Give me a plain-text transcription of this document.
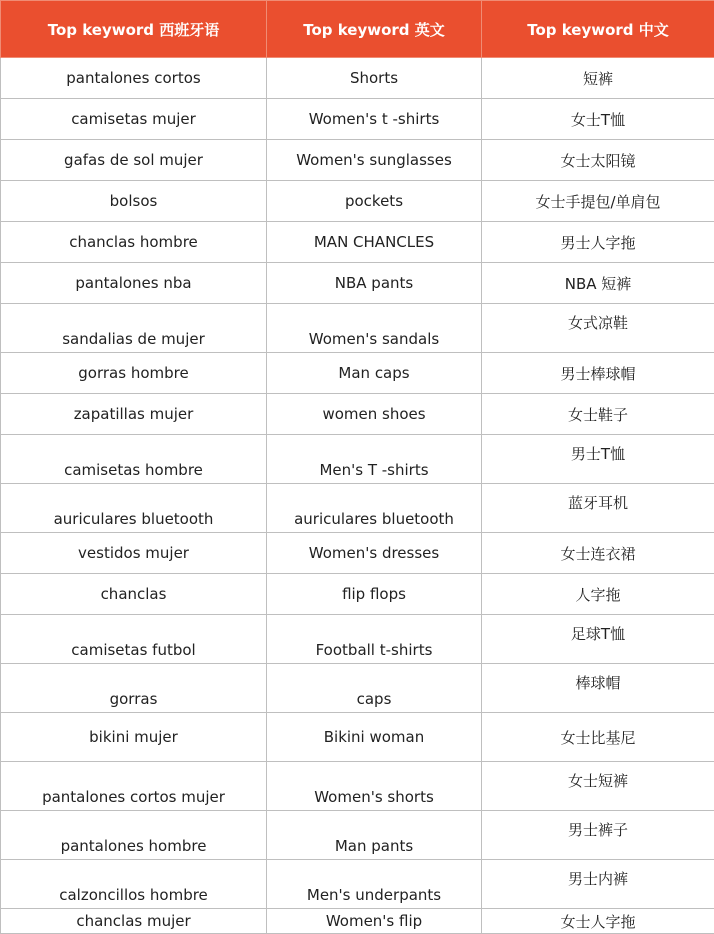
Top keyword 西班牙语	Top keyword 英文	Top keyword 中文
pantalones cortos	Shorts	短裤
camisetas mujer	Women's t -shirts	女士T恤
gafas de sol mujer	Women's sunglasses	女士太阳镜
bolsos	pockets	女士手提包/单肩包
chanclas hombre	MAN CHANCLES	男士人字拖
pantalones nba	NBA pants	NBA 短裤
sandalias de mujer	Women's sandals	女式凉鞋
gorras hombre	Man caps	男士棒球帽
zapatillas mujer	women shoes	女士鞋子
camisetas hombre	Men's T -shirts	男士T恤
auriculares bluetooth	auriculares bluetooth	蓝牙耳机
vestidos mujer	Women's dresses	女士连衣裙
chanclas	flip flops	人字拖
camisetas futbol	Football t-shirts	足球T恤
gorras	caps	棒球帽
bikini mujer	Bikini woman	女士比基尼
pantalones cortos mujer	Women's shorts	女士短裤
pantalones hombre	Man pants	男士裤子
calzoncillos hombre	Men's underpants	男士内裤
chanclas mujer	Women's flip	女士人字拖
